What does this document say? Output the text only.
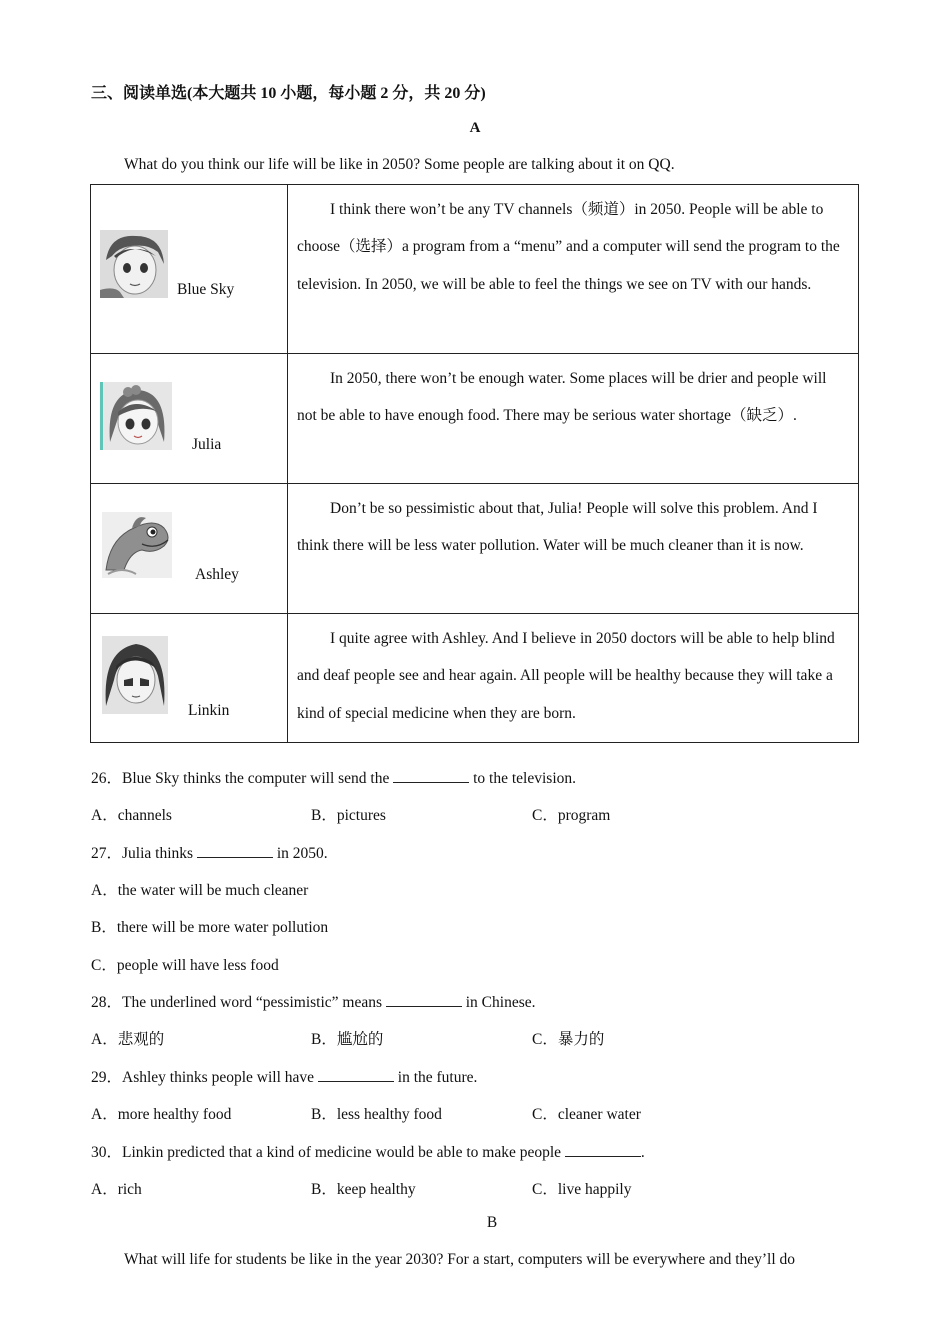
三、阅读单选(本大题共 10 小题，每小题 2 分，共 20 分)
A
What do you think our life will be like in 2050? Some people are talking about it on QQ.
Blue Sky	I think there won’t be any TV channels（频道）in 2050. People will be able to choose（选择）a program from a “menu” and a computer will send the program to the television. In 2050, we will be able to feel the things we see on TV with our hands.

Julia	In 2050, there won’t be enough water. Some places will be drier and people will not be able to have enough food. There may be serious water shortage（缺乏）.

Ashley	Don’t be so pessimistic about that, Julia! People will solve this problem. And I think there will be less water pollution. Water will be much cleaner than it is now.

Linkin	I quite agree with Ashley. And I believe in 2050 doctors will be able to help blind and deaf people see and hear again. All people will be healthy because they will take a kind of special medicine when they are born.

26．Blue Sky thinks the computer will send the	to the television.
A．channels	B．pictures	C．program
27．Julia thinks	in 2050.
A．the water will be much cleaner
B．there will be more water pollution
C．people will have less food
28．The underlined word “pessimistic” means	in Chinese.
A．悲观的	B．尴尬的	C．暴力的
29．Ashley thinks people will have	in the future.
A．more healthy food	B．less healthy food	C．cleaner water
30．Linkin predicted that a kind of medicine would be able to make people	.
A．rich	B．keep healthy	C．live happily
B
What will life for students be like in the year 2030? For a start, computers will be everywhere and they’ll do
